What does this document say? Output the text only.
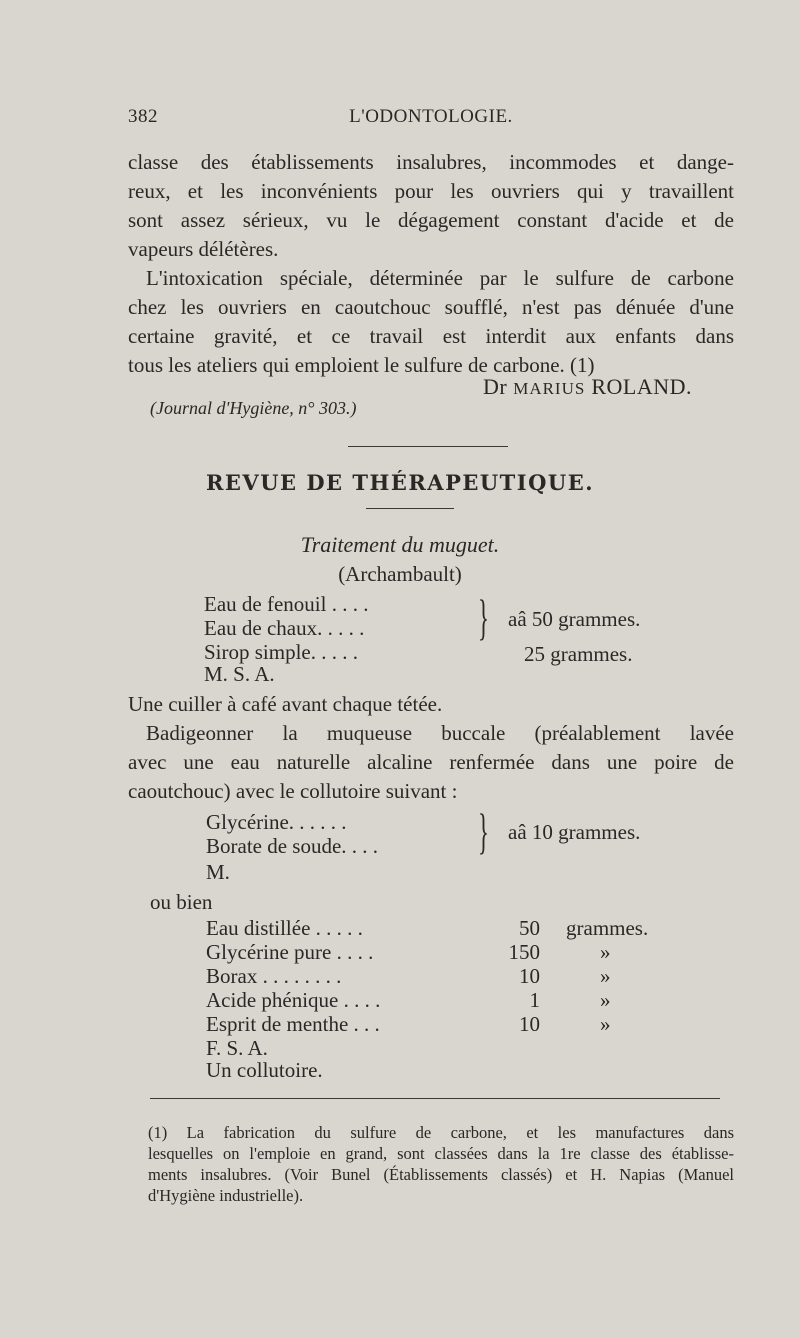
382	L'ODONTOLOGIE.
classe des établissements insalubres, incommodes et dange-
reux, et les inconvénients pour les ouvriers qui y travaillent
sont assez sérieux, vu le dégagement constant d'acide et de
vapeurs délétères.
L'intoxication spéciale, déterminée par le sulfure de carbone
chez les ouvriers en caoutchouc soufflé, n'est pas dénuée d'une
certaine gravité, et ce travail est interdit aux enfants dans
tous les ateliers qui emploient le sulfure de carbone. (1)
Dr MARIUS ROLAND.
(Journal d'Hygiène, n° 303.)
REVUE DE THÉRAPEUTIQUE.
Traitement du muguet.
(Archambault)
Eau de fenouil . . . .
Eau de chaux. . . . .
Sirop simple. . . . .
M. S. A.
} aâ 50 grammes.
25 grammes.
Une cuiller à café avant chaque tétée.
Badigeonner la muqueuse buccale (préalablement lavée
avec une eau naturelle alcaline renfermée dans une poire de
caoutchouc) avec le collutoire suivant :
Glycérine. . . . . .
Borate de soude. . . .
M.
} aâ 10 grammes.
ou bien
Eau distillée . . . . .
Glycérine pure . . . .
Borax . . . . . . . .
Acide phénique . . . .
Esprit de menthe . . .
50
150
10
1
10
grammes.
»
»
»
»
F. S. A.
Un collutoire.
(1) La fabrication du sulfure de carbone, et les manufactures dans
lesquelles on l'emploie en grand, sont classées dans la 1re classe des établisse-
ments insalubres. (Voir Bunel (Établissements classés) et H. Napias (Manuel
d'Hygiène industrielle).
